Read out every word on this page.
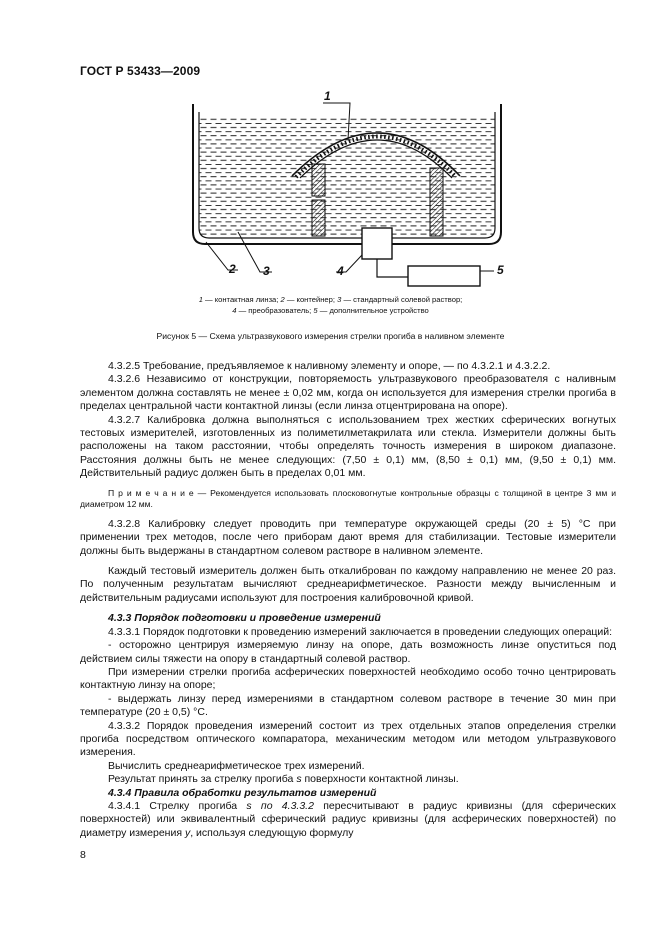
ГОСТ Р 53433—2009
1
2 3	4	5
1 — контактная линза; 2 — контейнер; 3 — стандартный солевой раствор;
4 — преобразователь; 5 — дополнительное устройство
Рисунок 5 — Схема ультразвукового измерения стрелки прогиба в наливном элементе

4.3.2.5 Требование, предъявляемое к наливному элементу и опоре, — по 4.3.2.1 и 4.3.2.2.

4.3.2.6 Независимо от конструкции, повторяемость ультразвукового преобразователя с наливным элементом должна составлять не менее ± 0,02 мм, когда он используется для измерения стрелки прогиба в пределах центральной части контактной линзы (если линза отцентрирована на опоре).

4.3.2.7 Калибровка должна выполняться с использованием трех жестких сферических вогнутых тестовых измерителей, изготовленных из полиметилметакрилата или стекла. Измерители должны быть расположены на таком расстоянии, чтобы определять точность измерения в широком диапазоне. Расстояния должны быть не менее следующих: (7,50 ± 0,1) мм, (8,50 ± 0,1) мм, (9,50 ± 0,1) мм. Действительный радиус должен быть в пределах 0,01 мм.

П р и м е ч а н и е — Рекомендуется использовать плосковогнутые контрольные образцы с толщиной в центре 3 мм и диаметром 12 мм.

4.3.2.8 Калибровку следует проводить при температуре окружающей среды (20 ± 5) °С при применении трех методов, после чего приборам дают время для стабилизации. Тестовые измерители должны быть выдержаны в стандартном солевом растворе в наливном элементе.

Каждый тестовый измеритель должен быть откалиброван по каждому направлению не менее 20 раз. По полученным результатам вычисляют среднеарифметическое. Разности между вычисленным и действительным радиусами используют для построения калибровочной кривой.

4.3.3 Порядок подготовки и проведение измерений

4.3.3.1 Порядок подготовки к проведению измерений заключается в проведении следующих операций:

- осторожно центрируя измеряемую линзу на опоре, дать возможность линзе опуститься под действием силы тяжести на опору в стандартный солевой раствор.

При измерении стрелки прогиба асферических поверхностей необходимо особо точно центрировать контактную линзу на опоре;

- выдержать линзу перед измерениями в стандартном солевом растворе в течение 30 мин при температуре (20 ± 0,5) °С.

4.3.3.2 Порядок проведения измерений состоит из трех отдельных этапов определения стрелки прогиба посредством оптического компаратора, механическим методом или методом ультразвукового измерения.

Вычислить среднеарифметическое трех измерений.

Результат принять за стрелку прогиба s поверхности контактной линзы.

4.3.4 Правила обработки результатов измерений

4.3.4.1 Стрелку прогиба s по 4.3.3.2 пересчитывают в радиус кривизны (для сферических поверхностей) или эквивалентный сферический радиус кривизны (для асферических поверхностей) по диаметру измерения y, используя следующую формулу

8
